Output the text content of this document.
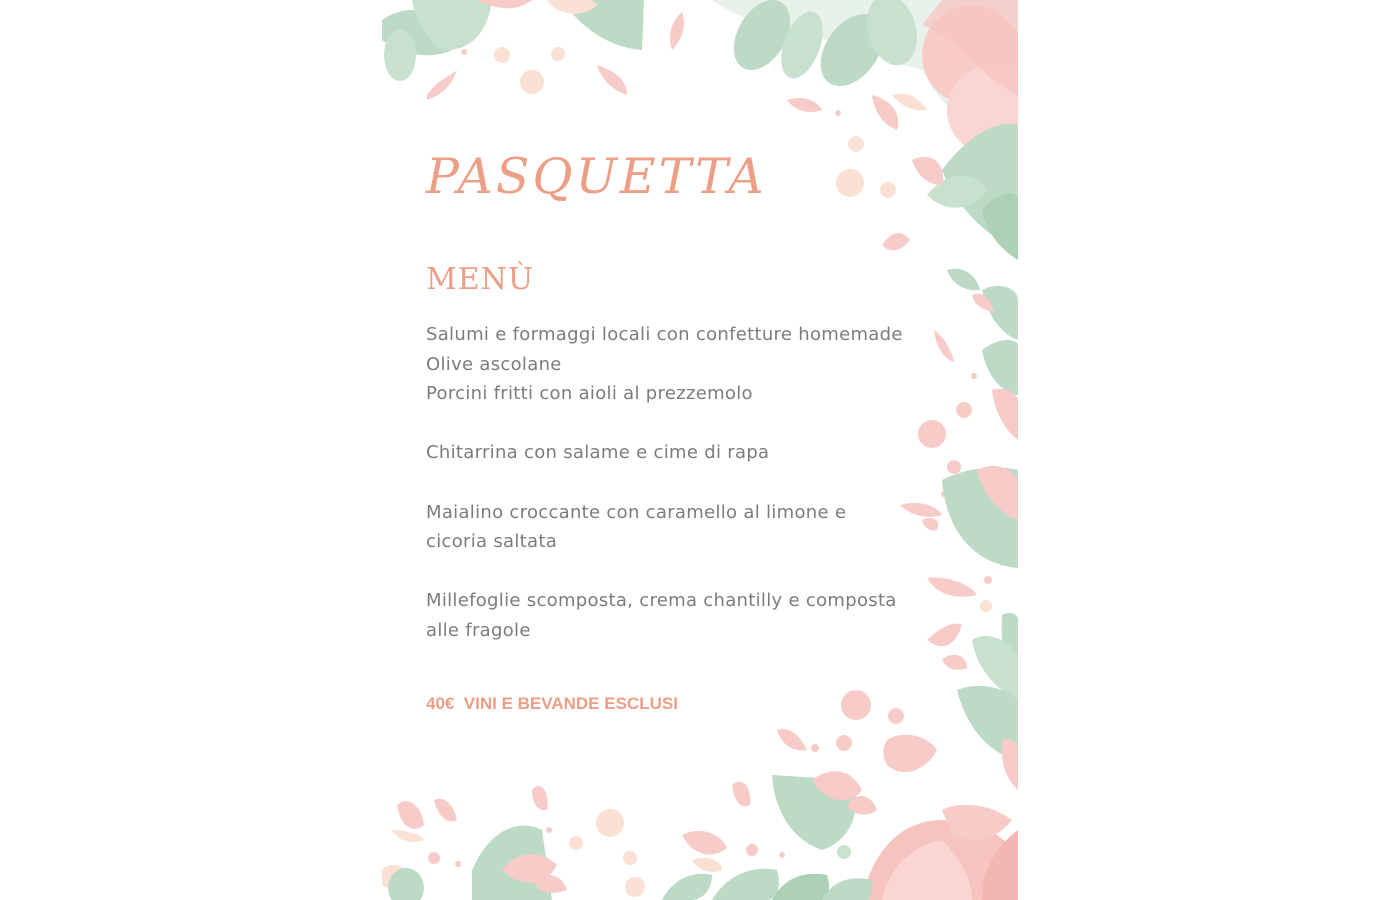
PASQUETTA
MENÙ
Salumi e formaggi locali con confetture homemade
Olive ascolane
Porcini fritti con aioli al prezzemolo
Chitarrina con salame e cime di rapa
Maialino croccante con caramello al limone e cicoria saltata
Millefoglie scomposta, crema chantilly e composta alle fragole

40€  VINI E BEVANDE ESCLUSI
